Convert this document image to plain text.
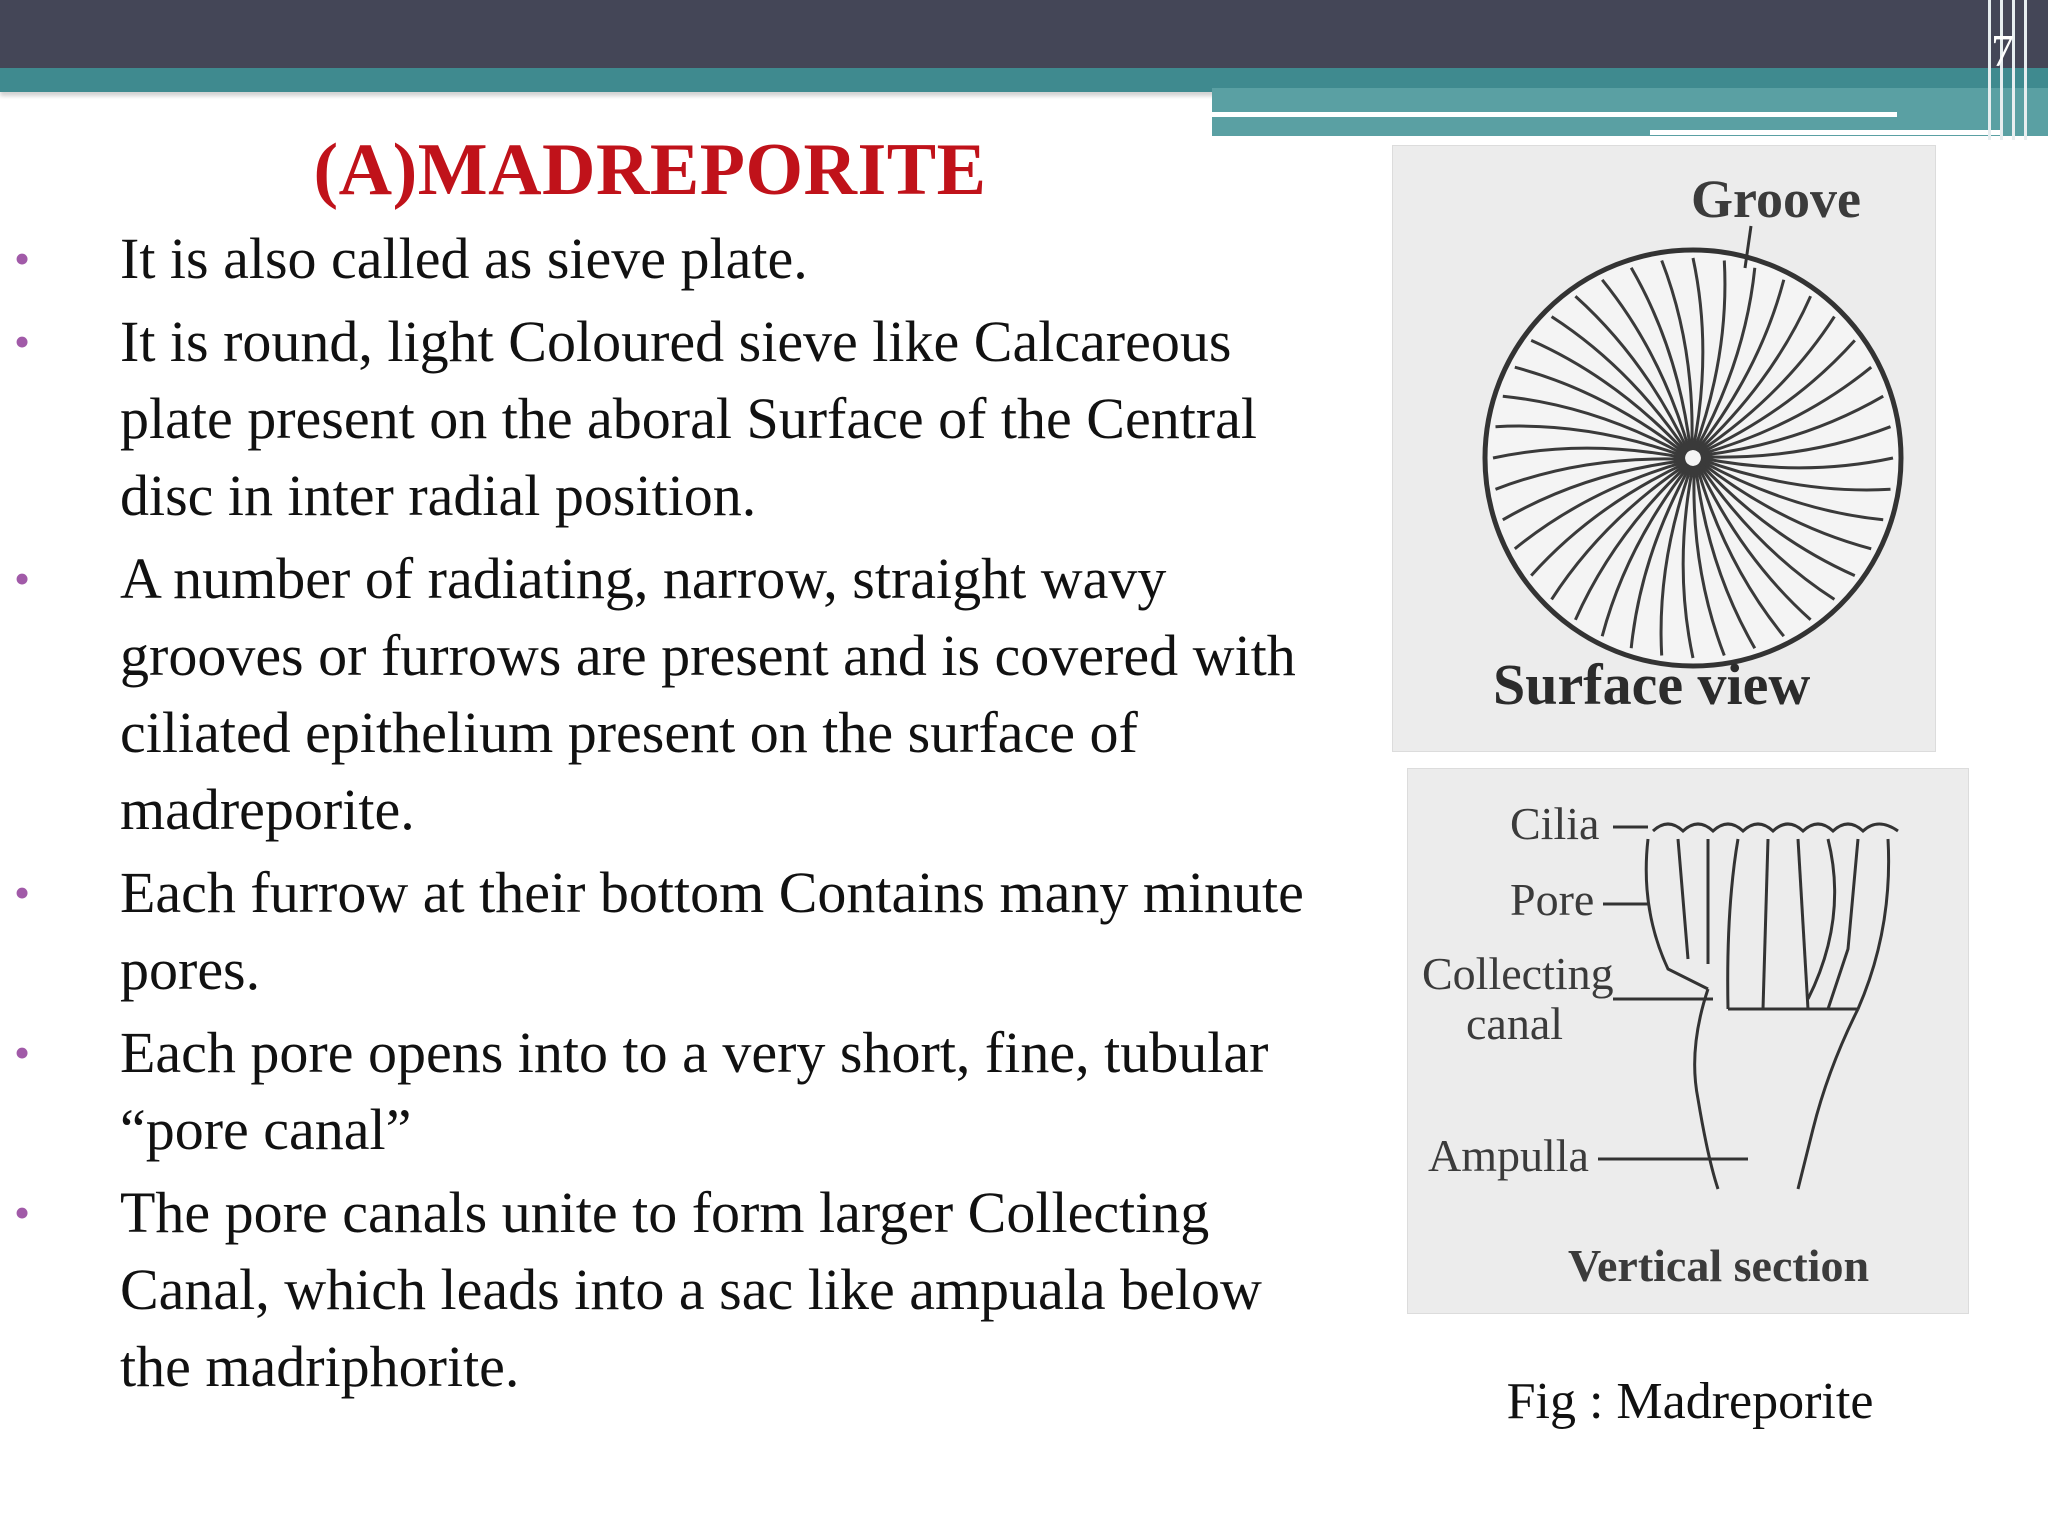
7
(A)MADREPORITE
• It is also called as sieve plate.
• It is round, light Coloured sieve like Calcareous plate present on the aboral Surface of the Central disc in inter radial position.
• A number of radiating, narrow, straight wavy grooves or furrows are present and is covered with ciliated epithelium present on the surface of madreporite.
• Each furrow at their bottom Contains many minute pores.
• Each pore opens into to a very short, fine, tubular “pore canal”
• The pore canals unite to form larger Collecting Canal, which leads into a sac like ampuala below the madriphorite.
Groove
Surface view
Cilia
Pore
Collecting
canal
Ampulla
Vertical section
Fig : Madreporite
